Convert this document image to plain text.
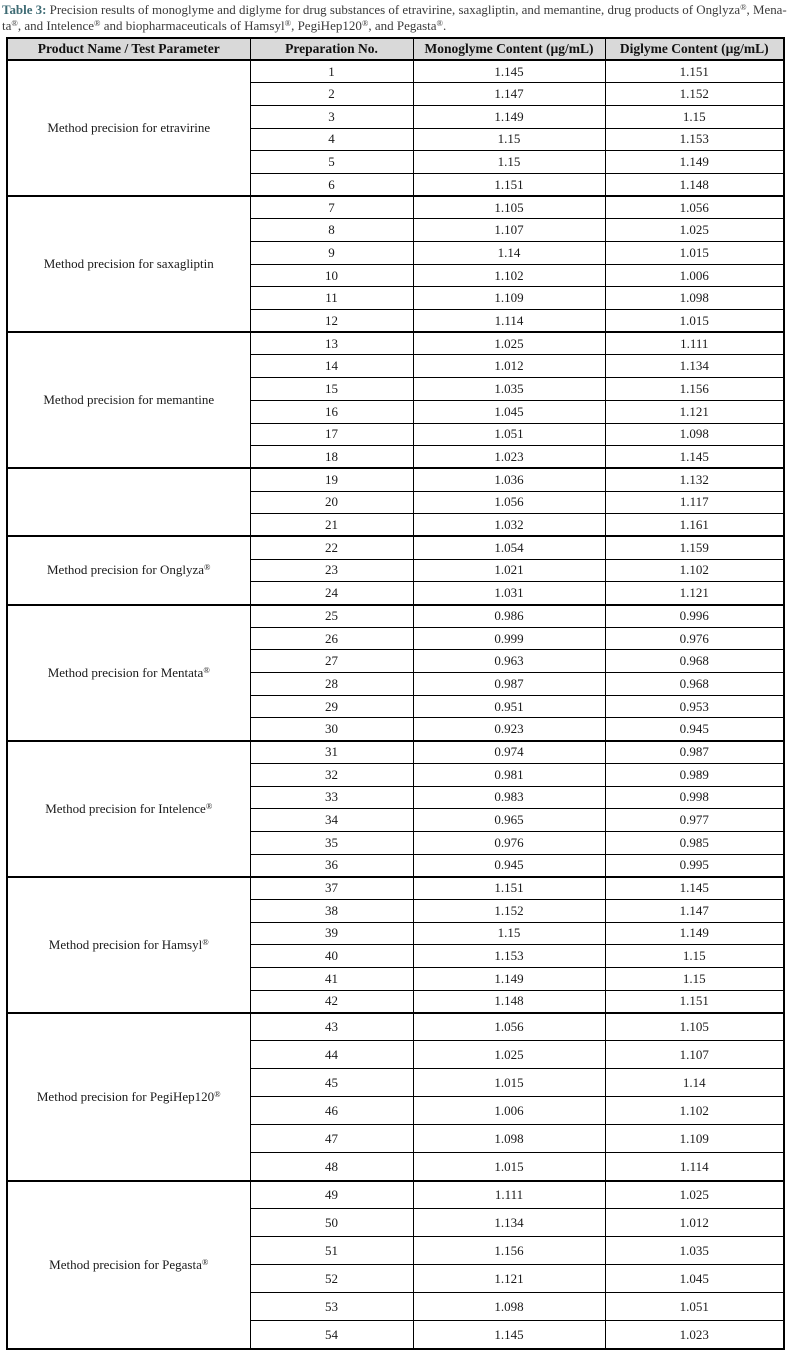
Table 3: Precision results of monoglyme and diglyme for drug substances of etravirine, saxagliptin, and memantine, drug products of Onglyza®, Mena-
ta®, and Intelence® and biopharmaceuticals of Hamsyl®, PegiHep120®, and Pegasta®.
Product Name / Test Parameter	Preparation No.	Monoglyme Content (µg/mL)	Diglyme Content (µg/mL)
Method precision for etravirine	1	1.145	1.151
	2	1.147	1.152
	3	1.149	1.15
	4	1.15	1.153
	5	1.15	1.149
	6	1.151	1.148
Method precision for saxagliptin	7	1.105	1.056
	8	1.107	1.025
	9	1.14	1.015
	10	1.102	1.006
	11	1.109	1.098
	12	1.114	1.015
Method precision for memantine	13	1.025	1.111
	14	1.012	1.134
	15	1.035	1.156
	16	1.045	1.121
	17	1.051	1.098
	18	1.023	1.145
	19	1.036	1.132
	20	1.056	1.117
	21	1.032	1.161
Method precision for Onglyza®	22	1.054	1.159
	23	1.021	1.102
	24	1.031	1.121
Method precision for Mentata®	25	0.986	0.996
	26	0.999	0.976
	27	0.963	0.968
	28	0.987	0.968
	29	0.951	0.953
	30	0.923	0.945
Method precision for Intelence®	31	0.974	0.987
	32	0.981	0.989
	33	0.983	0.998
	34	0.965	0.977
	35	0.976	0.985
	36	0.945	0.995
Method precision for Hamsyl®	37	1.151	1.145
	38	1.152	1.147
	39	1.15	1.149
	40	1.153	1.15
	41	1.149	1.15
	42	1.148	1.151
Method precision for PegiHep120®	43	1.056	1.105
	44	1.025	1.107
	45	1.015	1.14
	46	1.006	1.102
	47	1.098	1.109
	48	1.015	1.114
Method precision for Pegasta®	49	1.111	1.025
	50	1.134	1.012
	51	1.156	1.035
	52	1.121	1.045
	53	1.098	1.051
	54	1.145	1.023
